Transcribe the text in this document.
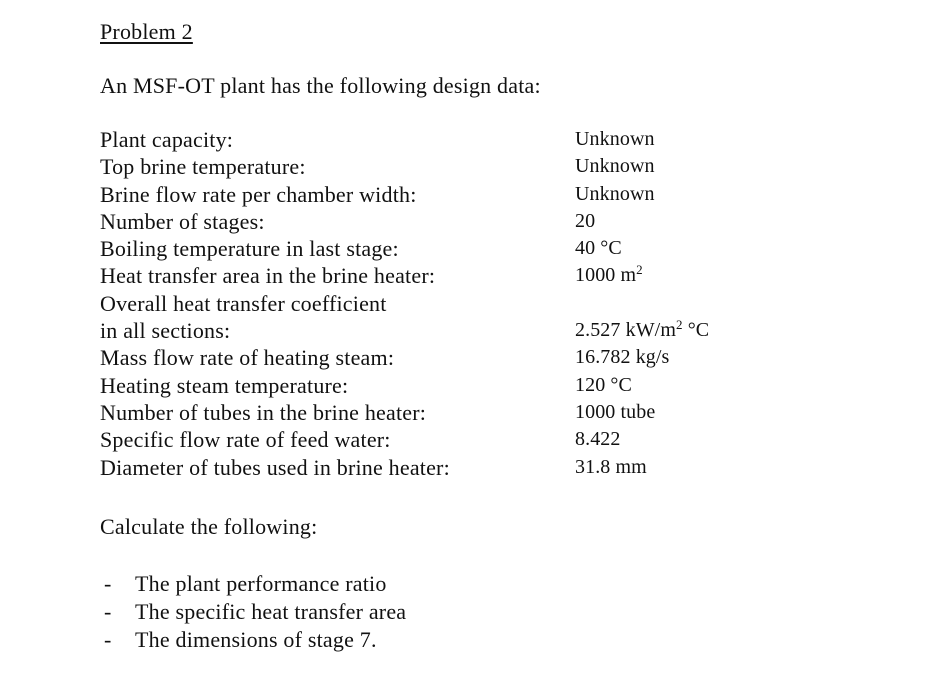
Problem 2
An MSF-OT plant has the following design data:
Plant capacity:	Unknown
Top brine temperature:	Unknown
Brine flow rate per chamber width:	Unknown
Number of stages:	20
Boiling temperature in last stage:	40 °C
Heat transfer area in the brine heater:	1000 $m^2$
Overall heat transfer coefficient
in all sections:	2.527 $kW/m^2$ °C
Mass flow rate of heating steam:	16.782 kg/s
Heating steam temperature:	120 °C
Number of tubes in the brine heater:	1000 tube
Specific flow rate of feed water:	8.422
Diameter of tubes used in brine heater:	31.8 mm
Calculate the following:
- The plant performance ratio
- The specific heat transfer area
- The dimensions of stage 7.
